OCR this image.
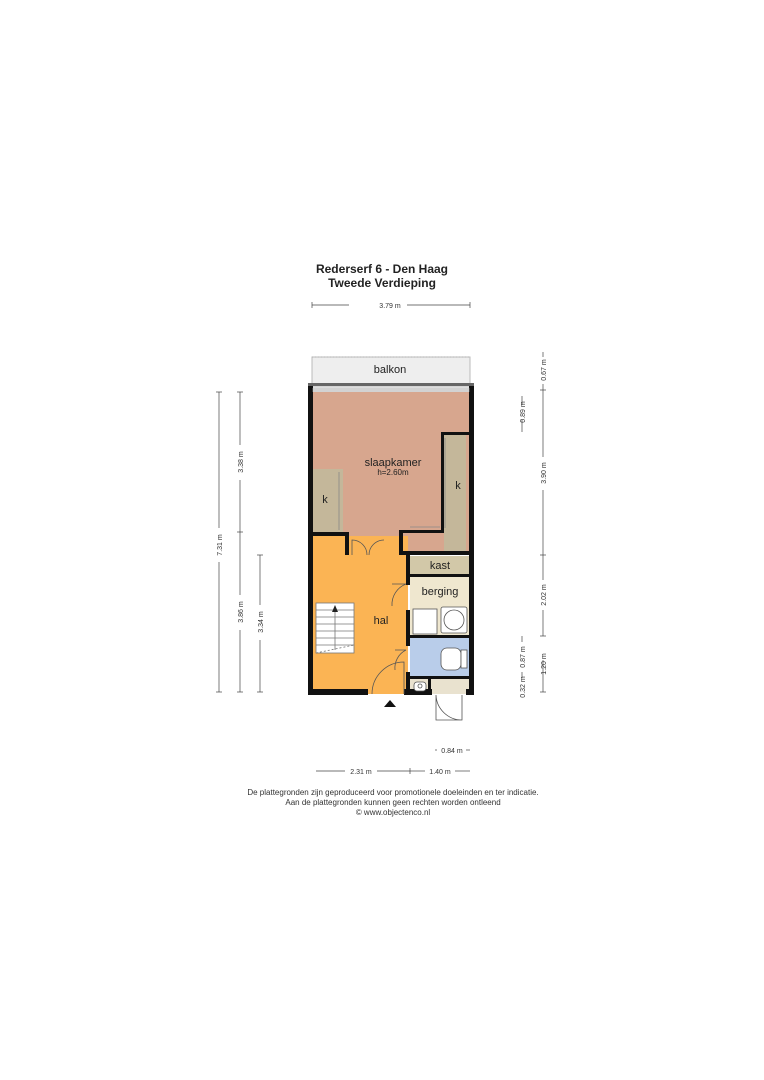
Rederserf 6 - Den Haag
Tweede Verdieping
balkon
slaapkamer
h=2.60m
k
k
kast
berging
hal
3.79 m
7.31 m
3.38 m
3.86 m 3.34 m
0.67 m
0.89 m
3.90 m
2.02 m
0.87 m
0.32 m
1.20 m
0.84 m
2.31 m	1.40 m
De plattegronden zijn geproduceerd voor promotionele doeleinden en ter indicatie.
Aan de plattegronden kunnen geen rechten worden ontleend
© www.objectenco.nl
